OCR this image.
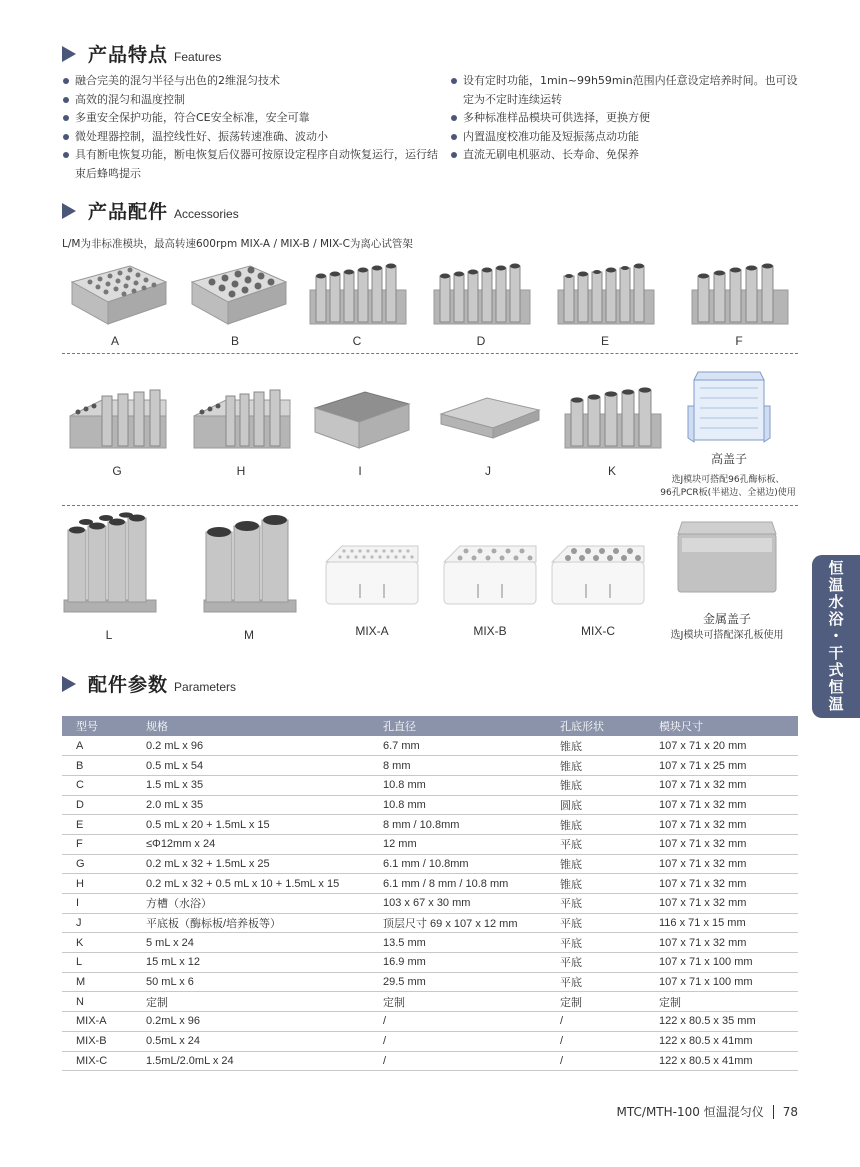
产品特点 Features
融合完美的混匀半径与出色的2维混匀技术
高效的混匀和温度控制
多重安全保护功能，符合CE安全标准，安全可靠
微处理器控制，温控线性好、振荡转速准确、波动小
具有断电恢复功能，断电恢复后仪器可按原设定程序自动恢复运行，运行结束后蜂鸣提示
设有定时功能，1min~99h59min范围内任意设定培养时间。也可设定为不定时连续运转
多种标准样品模块可供选择，更换方便
内置温度校准功能及短振荡点动功能
直流无刷电机驱动、长寿命、免保养
产品配件 Accessories
L/M为非标准模块，最高转速600rpm MIX-A / MIX-B / MIX-C为离心试管架
A	B	C	D	E	F
G	H	I	J	K
高盖子
选J模块可搭配96孔酶标板、
96孔PCR板(半裙边、全裙边)使用
L	M	MIX-A	MIX-B	MIX-C
金属盖子
选J模块可搭配深孔板使用	恒温水浴・干式恒温
配件参数 Parameters
型号	规格	孔直径	孔底形状	模块尺寸
A	0.2 mL x 96	6.7 mm	锥底	107 x 71 x 20 mm
B	0.5 mL x 54	8 mm	锥底	107 x 71 x 25 mm
C	1.5 mL x 35	10.8 mm	锥底	107 x 71 x 32 mm
D	2.0 mL x 35	10.8 mm	圆底	107 x 71 x 32 mm
E	0.5 mL x 20 + 1.5mL x 15	8 mm / 10.8mm	锥底	107 x 71 x 32 mm
F	≤Φ12mm x 24	12 mm	平底	107 x 71 x 32 mm
G	0.2 mL x 32 + 1.5mL x 25	6.1 mm / 10.8mm	锥底	107 x 71 x 32 mm
H	0.2 mL x 32 + 0.5 mL x 10 + 1.5mL x 15	6.1 mm / 8 mm / 10.8 mm	锥底	107 x 71 x 32 mm
I	方槽（水浴）	103 x 67 x 30 mm	平底	107 x 71 x 32 mm
J	平底板（酶标板/培养板等）	顶层尺寸 69 x 107 x 12 mm	平底	116 x 71 x 15 mm
K	5 mL x 24	13.5 mm	平底	107 x 71 x 32 mm
L	15 mL x 12	16.9 mm	平底	107 x 71 x 100 mm
M	50 mL x 6	29.5 mm	平底	107 x 71 x 100 mm
N	定制	定制	定制	定制
MIX-A	0.2mL x 96	/	/	122 x 80.5 x 35 mm
MIX-B	0.5mL x 24	/	/	122 x 80.5 x 41mm
MIX-C	1.5mL/2.0mL x 24	/	/	122 x 80.5 x 41mm
MTC/MTH-100 恒温混匀仪 78
